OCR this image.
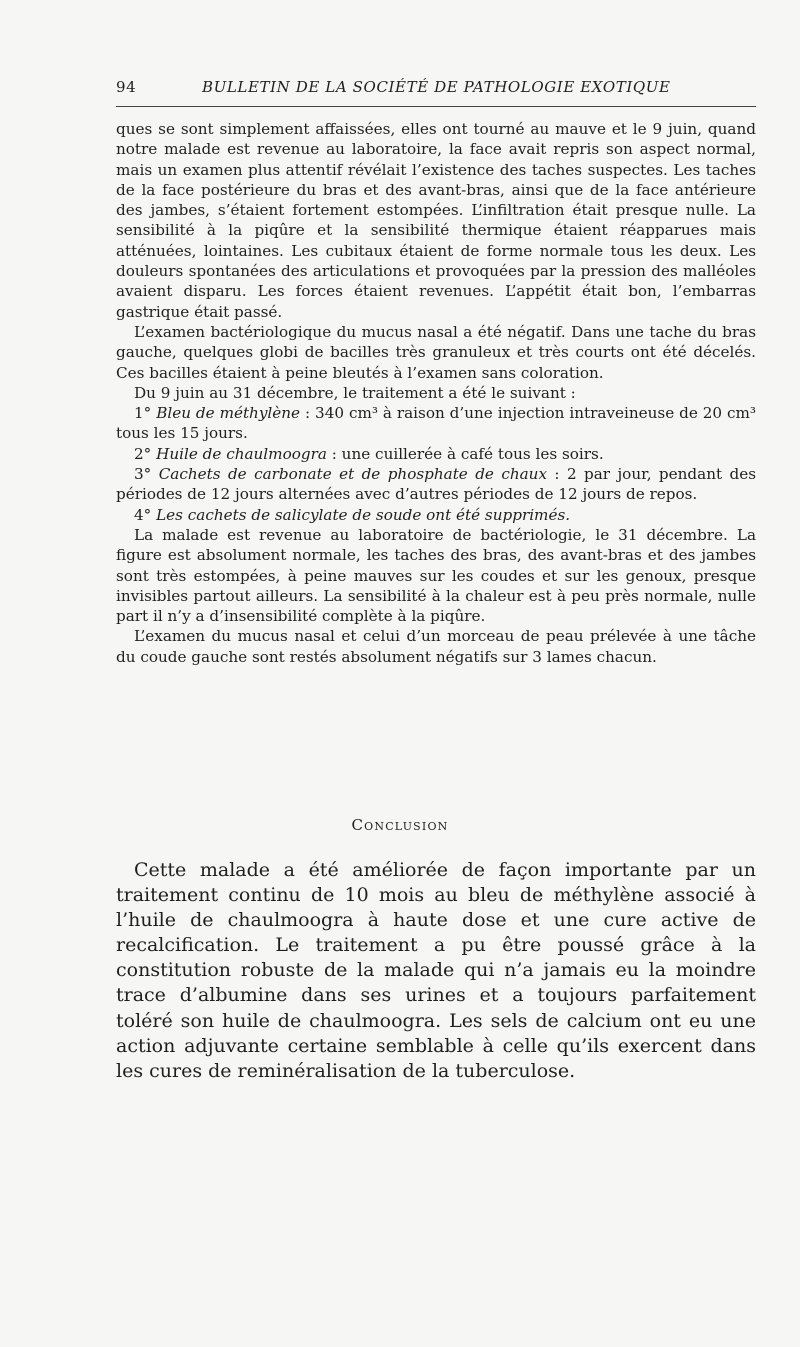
94	BULLETIN DE LA SOCIÉTÉ DE PATHOLOGIE EXOTIQUE

ques se sont simplement affaissées, elles ont tourné au mauve et le 9 juin, quand notre malade est revenue au laboratoire, la face avait repris son aspect normal, mais un examen plus attentif révélait l’existence des taches suspectes. Les taches de la face postérieure du bras et des avant-bras, ainsi que de la face antérieure des jambes, s’étaient fortement estompées. L’infiltration était presque nulle. La sensibilité à la piqûre et la sensibilité thermique étaient réapparues mais atténuées, lointaines. Les cubitaux étaient de forme normale tous les deux. Les douleurs spontanées des articulations et provoquées par la pression des malléoles avaient disparu. Les forces étaient revenues. L’appétit était bon, l’embarras gastrique était passé.

L’examen bactériologique du mucus nasal a été négatif. Dans une tache du bras gauche, quelques globi de bacilles très granuleux et très courts ont été décelés. Ces bacilles étaient à peine bleutés à l’examen sans coloration.

Du 9 juin au 31 décembre, le traitement a été le suivant :

1° Bleu de méthylène : 340 cm³ à raison d’une injection intraveineuse de 20 cm³ tous les 15 jours.

2° Huile de chaulmoogra : une cuillerée à café tous les soirs.

3° Cachets de carbonate et de phosphate de chaux : 2 par jour, pendant des périodes de 12 jours alternées avec d’autres périodes de 12 jours de repos.

4° Les cachets de salicylate de soude ont été supprimés.

La malade est revenue au laboratoire de bactériologie, le 31 décembre. La figure est absolument normale, les taches des bras, des avant-bras et des jambes sont très estompées, à peine mauves sur les coudes et sur les genoux, presque invisibles partout ailleurs. La sensibilité à la chaleur est à peu près normale, nulle part il n’y a d’insensibilité complète à la piqûre.

L’examen du mucus nasal et celui d’un morceau de peau prélevée à une tâche du coude gauche sont restés absolument négatifs sur 3 lames chacun.

Conclusion

Cette malade a été améliorée de façon importante par un traitement continu de 10 mois au bleu de méthylène associé à l’huile de chaulmoogra à haute dose et une cure active de recalcification. Le traitement a pu être poussé grâce à la constitution robuste de la malade qui n’a jamais eu la moindre trace d’albumine dans ses urines et a toujours parfaitement toléré son huile de chaulmoogra. Les sels de calcium ont eu une action adjuvante certaine semblable à celle qu’ils exercent dans les cures de reminéralisation de la tuberculose.
